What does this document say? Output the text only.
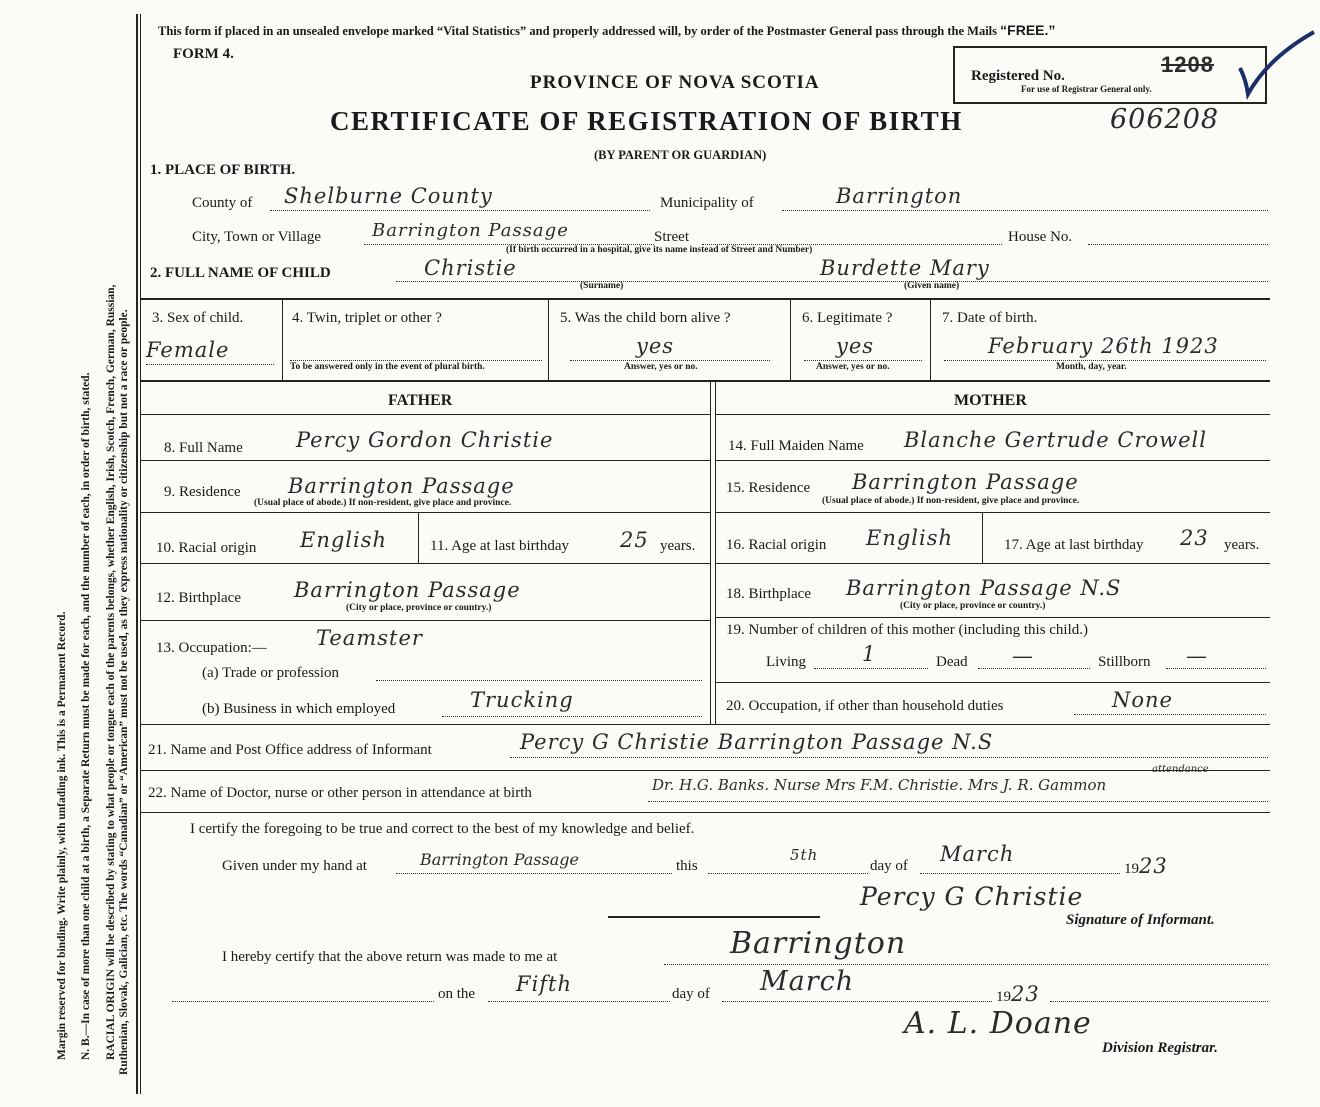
Margin reserved for binding. Write plainly, with unfading ink. This is a Permanent Record. N. B.—In case of more than one child at a birth, a Separate Return must be made for each, and the number of each, in order of birth, stated. RACIAL ORIGIN will be described by stating to what people or tongue each of the parents belongs, whether English, Irish, Scotch, French, German, Russian, Ruthenian, Slovak, Galician, etc. The words “Canadian” or “American” must not be used, as they express nationality or citizenship but not a race or people.
This form if placed in an unsealed envelope marked “Vital Statistics” and properly addressed will, by order of the Postmaster General pass through the Mails “FREE.”
FORM 4.
PROVINCE OF NOVA SCOTIA
CERTIFICATE OF REGISTRATION OF BIRTH	606208
(BY PARENT OR GUARDIAN)
Registered No.	1208
For use of Registrar General only.
1. PLACE OF BIRTH.
County of Shelburne County	Municipality of	Barrington
City, Town or Village	Barrington Passage	Street	House No.
(If birth occurred in a hospital, give its name instead of Street and Number)
2. FULL NAME OF CHILD	Christie
(Surname)
Burdette Mary
(Given name)
3. Sex of child.
Female
4. Twin, triplet or other ?
To be answered only in the event of plural birth.
5. Was the child born alive ?
yes
Answer, yes or no.
6. Legitimate ?
yes
Answer, yes or no.
7. Date of birth.
February 26th 1923
Month, day, year.
FATHER	MOTHER
8. Full Name	Percy Gordon Christie
9. Residence Barrington Passage
(Usual place of abode.) If non-resident, give place and province.
10. Racial origin English	11. Age at last birthday 25 years.
12. Birthplace	Barrington Passage
(City or place, province or country.)
13. Occupation:— Teamster
(a) Trade or profession
(b) Business in which employed	Trucking
14. Full Maiden Name Blanche Gertrude Crowell
15. Residence Barrington Passage
(Usual place of abode.) If non-resident, give place and province.
16. Racial origin English	17. Age at last birthday 23 years.
18. Birthplace Barrington Passage N.S
(City or place, province or country.)
19. Number of children of this mother (including this child.)
Living	1	Dead —	Stillborn —
20. Occupation, if other than household duties	None
21. Name and Post Office address of Informant	Percy G Christie Barrington Passage N.S
22. Name of Doctor, nurse or other person in attendance at birth	Dr. H.G. Banks. Nurse Mrs F.M. Christie. Mrs J. R. Gammon
attendance
I certify the foregoing to be true and correct to the best of my knowledge and belief.
Given under my hand at	Barrington Passage	this
5th
day of March
1923
Percy G Christie
Signature of Informant.
I hereby certify that the above return was made to me at	Barrington
on the Fifth	day of March	1923
A. L. Doane
Division Registrar.
